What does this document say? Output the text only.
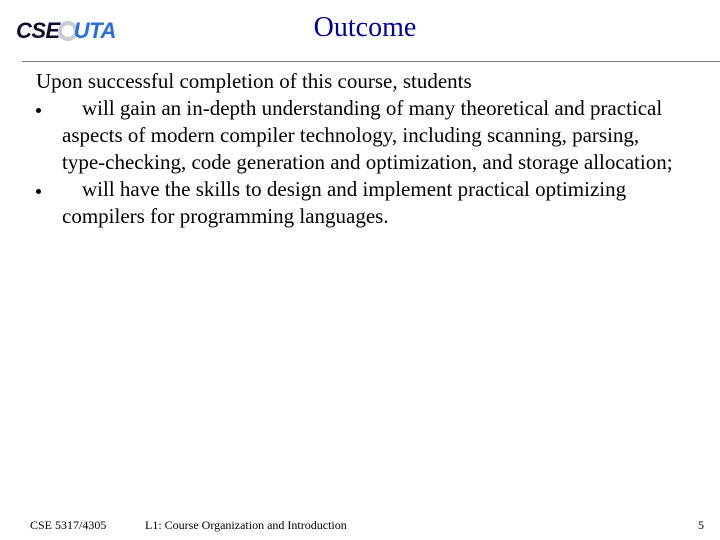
CSE UTA	Outcome

Upon successful completion of this course, students

will gain an in-depth understanding of many theoretical and practical aspects of modern compiler technology, including scanning, parsing, type-checking, code generation and optimization, and storage allocation;
will have the skills to design and implement practical optimizing compilers for programming languages.
CSE 5317/4305	L1: Course Organization and Introduction	5
